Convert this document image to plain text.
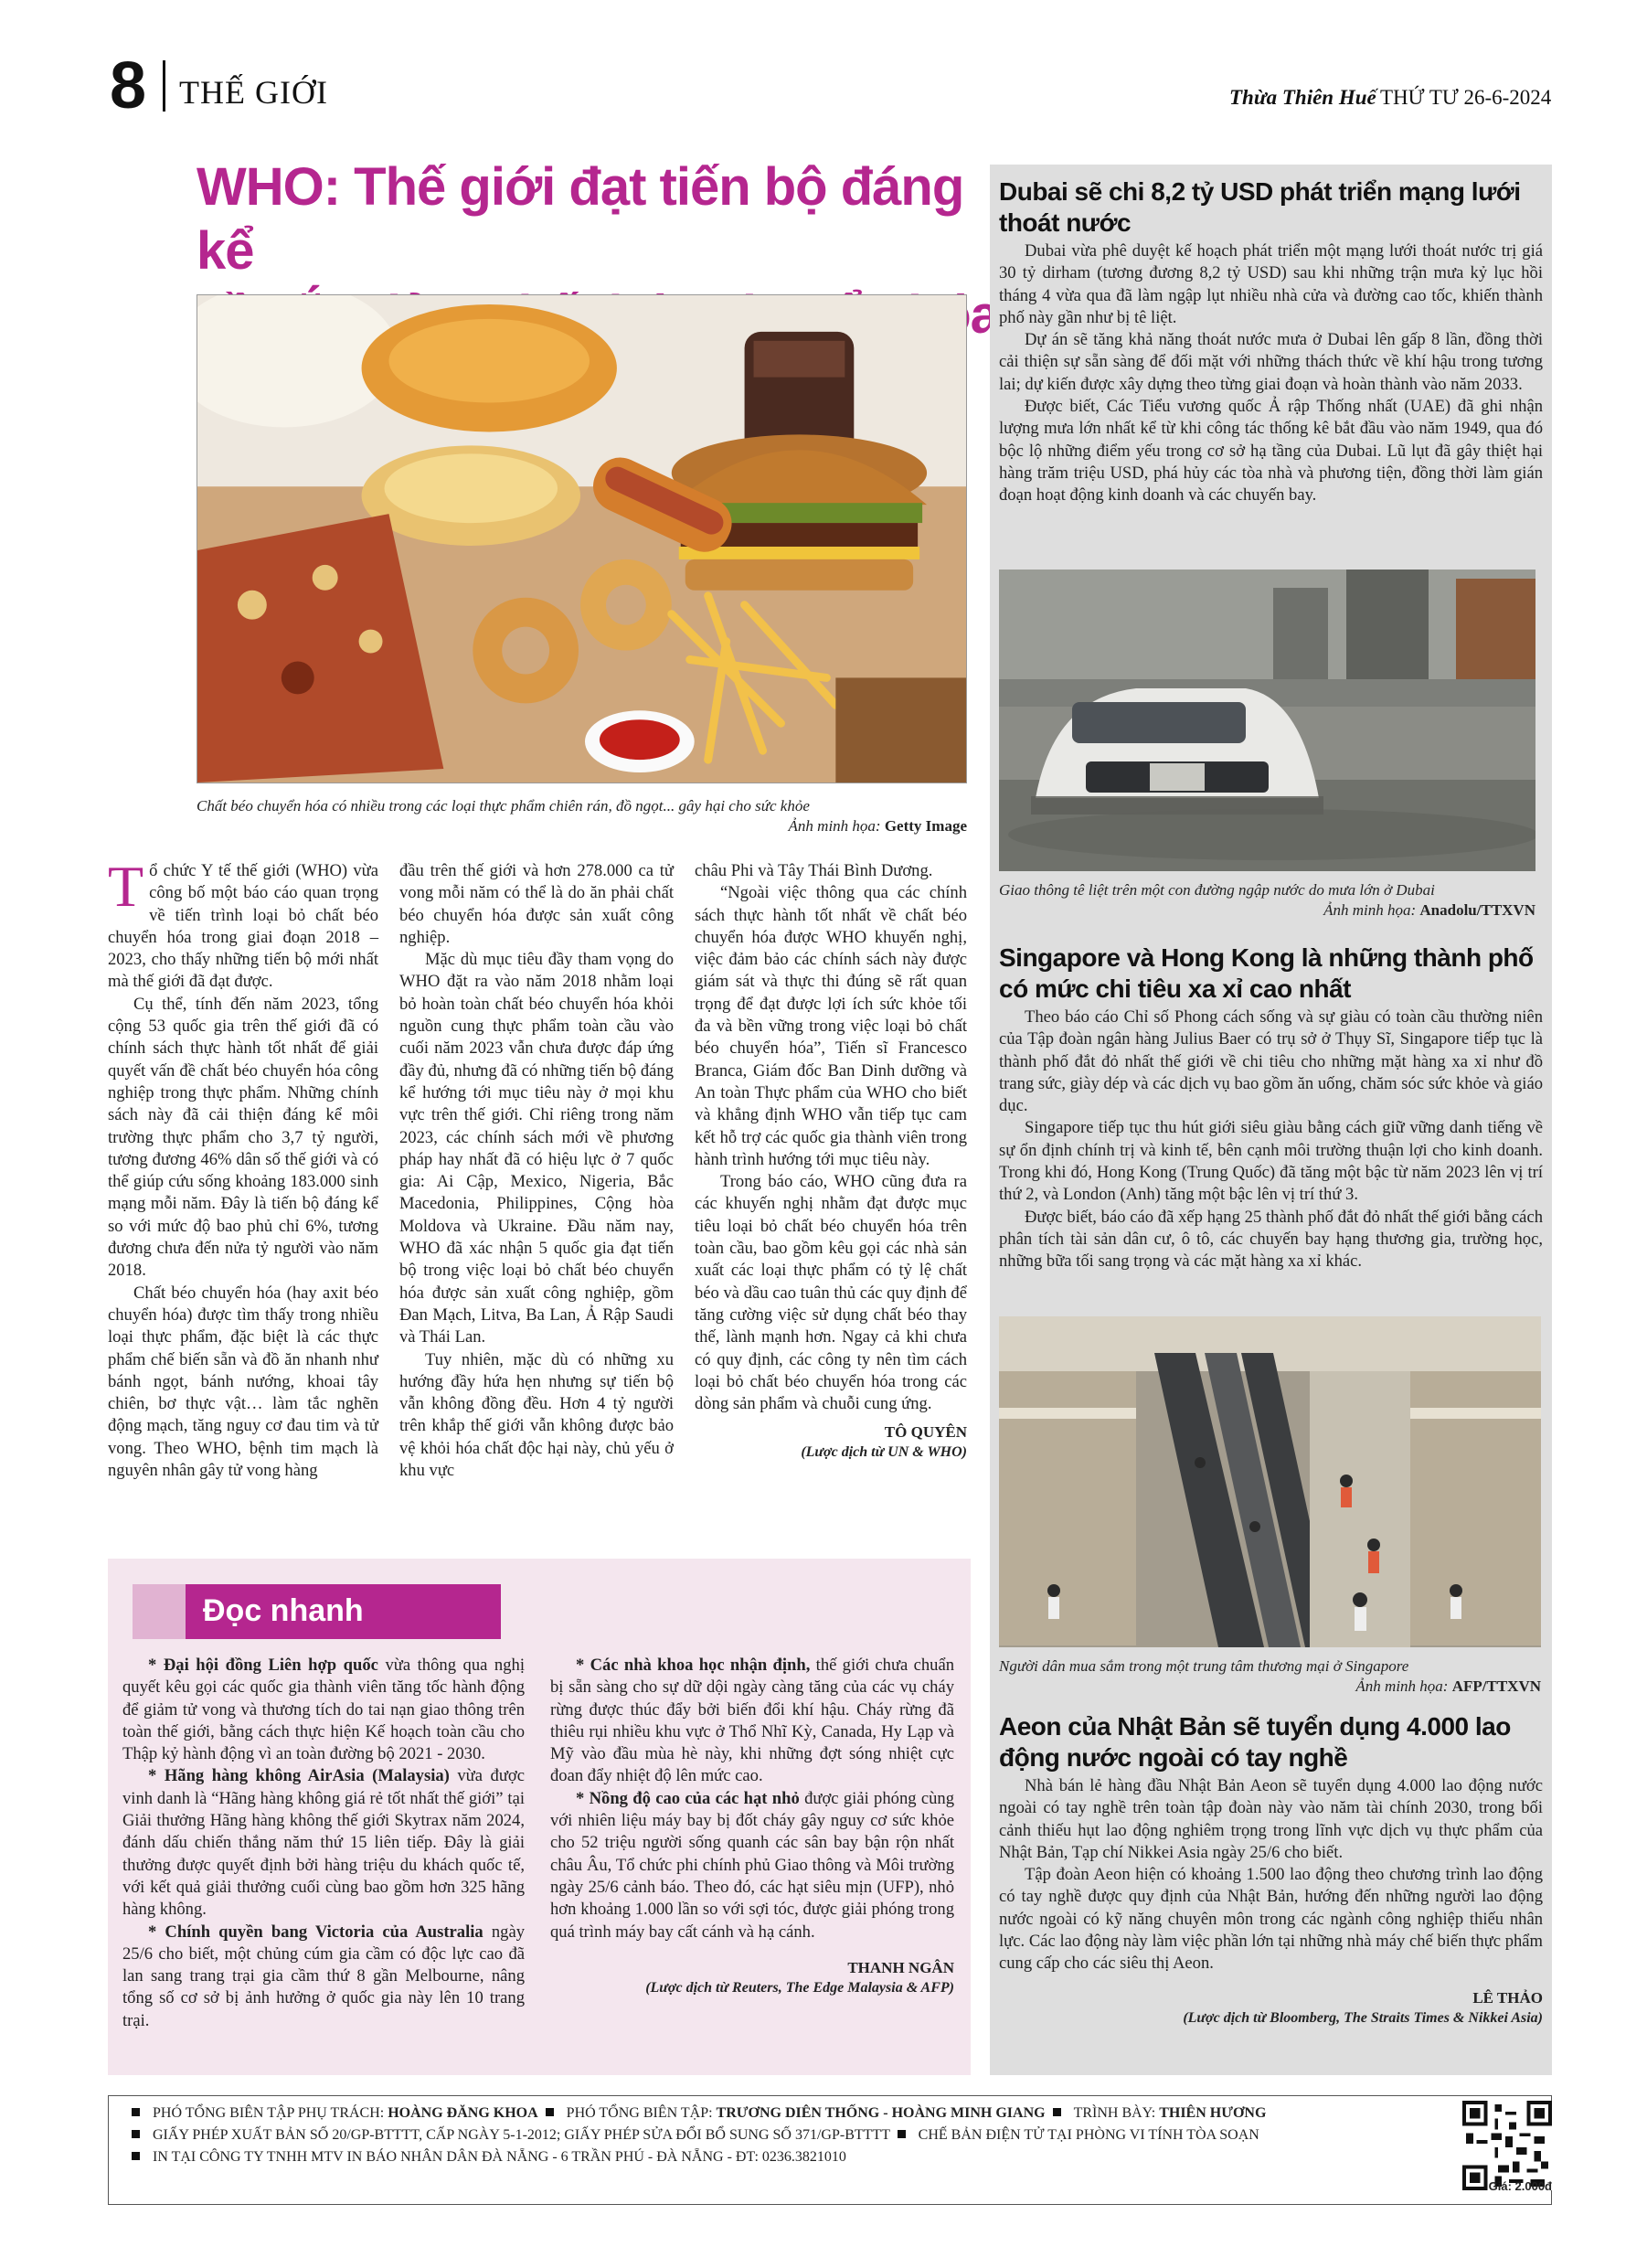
8 THẾ GIỚI	Thừa Thiên Huế THỨ TƯ 26-6-2024
WHO: Thế giới đạt tiến bộ đáng kể
Chất béo chuyển hóa có nhiều trong các loại thực phẩm chiên rán, đồ ngọt... gây hại cho sức khỏe
Ảnh minh họa: Getty Image

Tổ chức Y tế thế giới (WHO) vừa công bố một báo cáo quan trọng về tiến trình loại bỏ chất béo chuyển hóa trong giai đoạn 2018 – 2023, cho thấy những tiến bộ mới nhất mà thế giới đã đạt được.

Cụ thể, tính đến năm 2023, tổng cộng 53 quốc gia trên thế giới đã có chính sách thực hành tốt nhất để giải quyết vấn đề chất béo chuyển hóa công nghiệp trong thực phẩm. Những chính sách này đã cải thiện đáng kể môi trường thực phẩm cho 3,7 tỷ người, tương đương 46% dân số thế giới và có thể giúp cứu sống khoảng 183.000 sinh mạng mỗi năm. Đây là tiến bộ đáng kể so với mức độ bao phủ chỉ 6%, tương đương chưa đến nửa tỷ người vào năm 2018.

Chất béo chuyển hóa (hay axit béo chuyển hóa) được tìm thấy trong nhiều loại thực phẩm, đặc biệt là các thực phẩm chế biến sẵn và đồ ăn nhanh như bánh ngọt, bánh nướng, khoai tây chiên, bơ thực vật… làm tắc nghẽn động mạch, tăng nguy cơ đau tim và tử vong. Theo WHO, bệnh tim mạch là nguyên nhân gây tử vong hàng

đầu trên thế giới và hơn 278.000 ca tử vong mỗi năm có thể là do ăn phải chất béo chuyển hóa được sản xuất công nghiệp.

Mặc dù mục tiêu đầy tham vọng do WHO đặt ra vào năm 2018 nhằm loại bỏ hoàn toàn chất béo chuyển hóa khỏi nguồn cung thực phẩm toàn cầu vào cuối năm 2023 vẫn chưa được đáp ứng đầy đủ, nhưng đã có những tiến bộ đáng kể hướng tới mục tiêu này ở mọi khu vực trên thế giới. Chỉ riêng trong năm 2023, các chính sách mới về phương pháp hay nhất đã có hiệu lực ở 7 quốc gia: Ai Cập, Mexico, Nigeria, Bắc Macedonia, Philippines, Cộng hòa Moldova và Ukraine. Đầu năm nay, WHO đã xác nhận 5 quốc gia đạt tiến bộ trong việc loại bỏ chất béo chuyển hóa được sản xuất công nghiệp, gồm Đan Mạch, Litva, Ba Lan, Ả Rập Saudi và Thái Lan.

Tuy nhiên, mặc dù có những xu hướng đầy hứa hẹn nhưng sự tiến bộ vẫn không đồng đều. Hơn 4 tỷ người trên khắp thế giới vẫn không được bảo vệ khỏi hóa chất độc hại này, chủ yếu ở khu vực

châu Phi và Tây Thái Bình Dương.

“Ngoài việc thông qua các chính sách thực hành tốt nhất về chất béo chuyển hóa được WHO khuyến nghị, việc đảm bảo các chính sách này được giám sát và thực thi đúng sẽ rất quan trọng để đạt được lợi ích sức khỏe tối đa và bền vững trong việc loại bỏ chất béo chuyển hóa”, Tiến sĩ Francesco Branca, Giám đốc Ban Dinh dưỡng và An toàn Thực phẩm của WHO cho biết và khẳng định WHO vẫn tiếp tục cam kết hỗ trợ các quốc gia thành viên trong hành trình hướng tới mục tiêu này.

Trong báo cáo, WHO cũng đưa ra các khuyến nghị nhằm đạt được mục tiêu loại bỏ chất béo chuyển hóa trên toàn cầu, bao gồm kêu gọi các nhà sản xuất các loại thực phẩm có tỷ lệ chất béo và dầu cao tuân thủ các quy định để tăng cường việc sử dụng chất béo thay thế, lành mạnh hơn. Ngay cả khi chưa có quy định, các công ty nên tìm cách loại bỏ chất béo chuyển hóa trong các dòng sản phẩm và chuỗi cung ứng.

TÔ QUYÊN
(Lược dịch từ UN & WHO)
Đọc nhanh

* Đại hội đồng Liên hợp quốc vừa thông qua nghị quyết kêu gọi các quốc gia thành viên tăng tốc hành động để giảm tử vong và thương tích do tai nạn giao thông trên toàn thế giới, bằng cách thực hiện Kế hoạch toàn cầu cho Thập kỷ hành động vì an toàn đường bộ 2021 - 2030.

* Hãng hàng không AirAsia (Malaysia) vừa được vinh danh là “Hãng hàng không giá rẻ tốt nhất thế giới” tại Giải thưởng Hãng hàng không thế giới Skytrax năm 2024, đánh dấu chiến thắng năm thứ 15 liên tiếp. Đây là giải thưởng được quyết định bởi hàng triệu du khách quốc tế, với kết quả giải thưởng cuối cùng bao gồm hơn 325 hãng hàng không.

* Chính quyền bang Victoria của Australia ngày 25/6 cho biết, một chủng cúm gia cầm có độc lực cao đã lan sang trang trại gia cầm thứ 8 gần Melbourne, nâng tổng số cơ sở bị ảnh hưởng ở quốc gia này lên 10 trang trại.

* Các nhà khoa học nhận định, thế giới chưa chuẩn bị sẵn sàng cho sự dữ dội ngày càng tăng của các vụ cháy rừng được thúc đẩy bởi biến đổi khí hậu. Cháy rừng đã thiêu rụi nhiều khu vực ở Thổ Nhĩ Kỳ, Canada, Hy Lạp và Mỹ vào đầu mùa hè này, khi những đợt sóng nhiệt cực đoan đẩy nhiệt độ lên mức cao.

* Nồng độ cao của các hạt nhỏ được giải phóng cùng với nhiên liệu máy bay bị đốt cháy gây nguy cơ sức khỏe cho 52 triệu người sống quanh các sân bay bận rộn nhất châu Âu, Tổ chức phi chính phủ Giao thông và Môi trường ngày 25/6 cảnh báo. Theo đó, các hạt siêu mịn (UFP), nhỏ hơn khoảng 1.000 lần so với sợi tóc, được giải phóng trong quá trình máy bay cất cánh và hạ cánh.

THANH NGÂN
(Lược dịch từ Reuters, The Edge Malaysia & AFP)
Dubai sẽ chi 8,2 tỷ USD phát triển mạng lưới thoát nước

Dubai vừa phê duyệt kế hoạch phát triển một mạng lưới thoát nước trị giá 30 tỷ dirham (tương đương 8,2 tỷ USD) sau khi những trận mưa kỷ lục hồi tháng 4 vừa qua đã làm ngập lụt nhiều nhà cửa và đường cao tốc, khiến thành phố này gần như bị tê liệt.

Dự án sẽ tăng khả năng thoát nước mưa ở Dubai lên gấp 8 lần, đồng thời cải thiện sự sẵn sàng để đối mặt với những thách thức về khí hậu trong tương lai; dự kiến được xây dựng theo từng giai đoạn và hoàn thành vào năm 2033.

Được biết, Các Tiểu vương quốc Ả rập Thống nhất (UAE) đã ghi nhận lượng mưa lớn nhất kể từ khi công tác thống kê bắt đầu vào năm 1949, qua đó bộc lộ những điểm yếu trong cơ sở hạ tầng của Dubai. Lũ lụt đã gây thiệt hại hàng trăm triệu USD, phá hủy các tòa nhà và phương tiện, đồng thời làm gián đoạn hoạt động kinh doanh và các chuyến bay.

Giao thông tê liệt trên một con đường ngập nước do mưa lớn ở Dubai
Ảnh minh họa: Anadolu/TTXVN
Singapore và Hong Kong là những thành phố có mức chi tiêu xa xỉ cao nhất

Theo báo cáo Chỉ số Phong cách sống và sự giàu có toàn cầu thường niên của Tập đoàn ngân hàng Julius Baer có trụ sở ở Thụy Sĩ, Singapore tiếp tục là thành phố đắt đỏ nhất thế giới về chi tiêu cho những mặt hàng xa xỉ như đồ trang sức, giày dép và các dịch vụ bao gồm ăn uống, chăm sóc sức khỏe và giáo dục.

Singapore tiếp tục thu hút giới siêu giàu bằng cách giữ vững danh tiếng về sự ổn định chính trị và kinh tế, bên cạnh môi trường thuận lợi cho kinh doanh. Trong khi đó, Hong Kong (Trung Quốc) đã tăng một bậc từ năm 2023 lên vị trí thứ 2, và London (Anh) tăng một bậc lên vị trí thứ 3.

Được biết, báo cáo đã xếp hạng 25 thành phố đắt đỏ nhất thế giới bằng cách phân tích tài sản dân cư, ô tô, các chuyến bay hạng thương gia, trường học, những bữa tối sang trọng và các mặt hàng xa xỉ khác.

Người dân mua sắm trong một trung tâm thương mại ở Singapore
Ảnh minh họa: AFP/TTXVN
Aeon của Nhật Bản sẽ tuyển dụng 4.000 lao động nước ngoài có tay nghề

Nhà bán lẻ hàng đầu Nhật Bản Aeon sẽ tuyển dụng 4.000 lao động nước ngoài có tay nghề trên toàn tập đoàn này vào năm tài chính 2030, trong bối cảnh thiếu hụt lao động nghiêm trọng trong lĩnh vực dịch vụ thực phẩm của Nhật Bản, Tạp chí Nikkei Asia ngày 25/6 cho biết.

Tập đoàn Aeon hiện có khoảng 1.500 lao động theo chương trình lao động có tay nghề được quy định của Nhật Bản, hướng đến những người lao động nước ngoài có kỹ năng chuyên môn trong các ngành công nghiệp thiếu nhân lực. Các lao động này làm việc phần lớn tại những nhà máy chế biến thực phẩm cung cấp cho các siêu thị Aeon.

LÊ THẢO
(Lược dịch từ Bloomberg, The Straits Times & Nikkei Asia)
PHÓ TỔNG BIÊN TẬP PHỤ TRÁCH: HOÀNG ĐĂNG KHOA PHÓ TỔNG BIÊN TẬP: TRƯƠNG DIÊN THỐNG - HOÀNG MINH GIANG TRÌNH BÀY: THIÊN HƯƠNG
GIẤY PHÉP XUẤT BẢN SỐ 20/GP-BTTTT, CẤP NGÀY 5-1-2012; GIẤY PHÉP SỬA ĐỔI BỔ SUNG SỐ 371/GP-BTTTT CHẾ BẢN ĐIỆN TỬ TẠI PHÒNG VI TÍNH TÒA SOẠN
IN TẠI CÔNG TY TNHH MTV IN BÁO NHÂN DÂN ĐÀ NẴNG - 6 TRẦN PHÚ - ĐÀ NẴNG - ĐT: 0236.3821010
Giá: 2.000đ
